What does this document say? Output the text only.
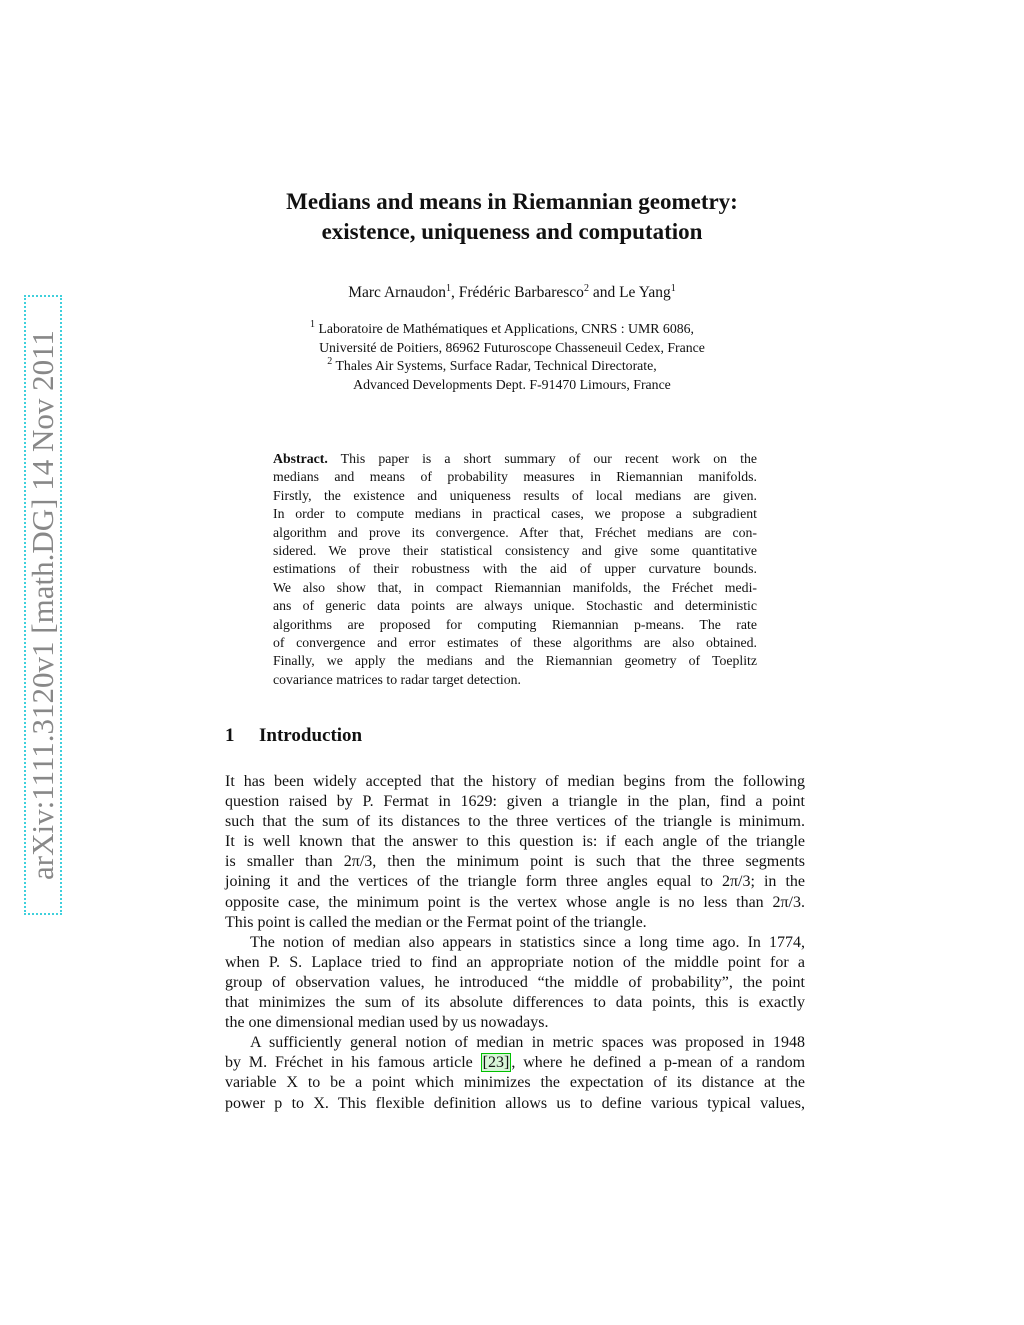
arXiv:1111.3120v1 [math.DG] 14 Nov 2011
Medians and means in Riemannian geometry:
existence, uniqueness and computation
Marc Arnaudon$^1$, Frédéric Barbaresco$^2$ and Le Yang$^1$
$^1$ Laboratoire de Mathématiques et Applications, CNRS : UMR 6086,
Université de Poitiers, 86962 Futuroscope Chasseneuil Cedex, France
$^2$ Thales Air Systems, Surface Radar, Technical Directorate,
Advanced Developments Dept. F-91470 Limours, France
Abstract. This paper is a short summary of our recent work on the
medians and means of probability measures in Riemannian manifolds.
Firstly, the existence and uniqueness results of local medians are given.
In order to compute medians in practical cases, we propose a subgradient
algorithm and prove its convergence. After that, Fréchet medians are con-
sidered. We prove their statistical consistency and give some quantitative
estimations of their robustness with the aid of upper curvature bounds.
We also show that, in compact Riemannian manifolds, the Fréchet medi-
ans of generic data points are always unique. Stochastic and deterministic
algorithms are proposed for computing Riemannian p-means. The rate
of convergence and error estimates of these algorithms are also obtained.
Finally, we apply the medians and the Riemannian geometry of Toeplitz
covariance matrices to radar target detection.
1 Introduction
It has been widely accepted that the history of median begins from the following
question raised by P. Fermat in 1629: given a triangle in the plan, find a point
such that the sum of its distances to the three vertices of the triangle is minimum.
It is well known that the answer to this question is: if each angle of the triangle
is smaller than 2π/3, then the minimum point is such that the three segments
joining it and the vertices of the triangle form three angles equal to 2π/3; in the
opposite case, the minimum point is the vertex whose angle is no less than 2π/3.
This point is called the median or the Fermat point of the triangle.
The notion of median also appears in statistics since a long time ago. In 1774,
when P. S. Laplace tried to find an appropriate notion of the middle point for a
group of observation values, he introduced “the middle of probability”, the point
that minimizes the sum of its absolute differences to data points, this is exactly
the one dimensional median used by us nowadays.
A sufficiently general notion of median in metric spaces was proposed in 1948
by M. Fréchet in his famous article [23] , where he defined a p-mean of a random
variable X to be a point which minimizes the expectation of its distance at the
power p to X. This flexible definition allows us to define various typical values,
